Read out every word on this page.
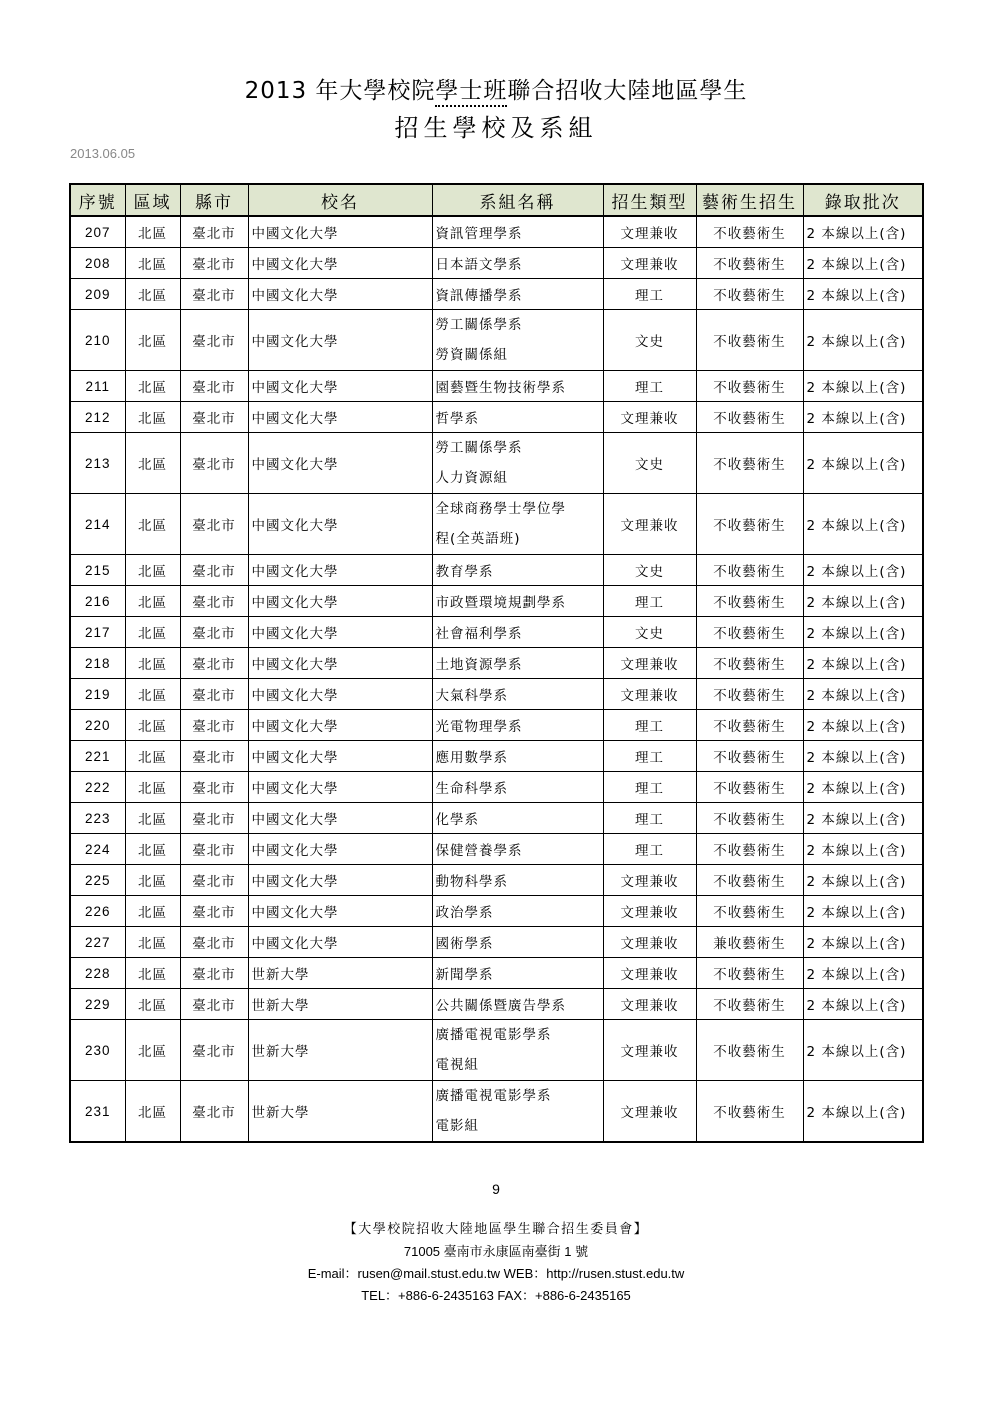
2013 年大學校院學士班聯合招收大陸地區學生
招生學校及系組
2013.06.05
序號	區域	縣市	校名	系組名稱	招生類型	藝術生招生	錄取批次
207	北區	臺北市	中國文化大學	資訊管理學系	文理兼收	不收藝術生	2 本線以上(含)
208	北區	臺北市	中國文化大學	日本語文學系	文理兼收	不收藝術生	2 本線以上(含)
209	北區	臺北市	中國文化大學	資訊傳播學系	理工	不收藝術生	2 本線以上(含)
210	北區	臺北市	中國文化大學	勞工關係學系
勞資關係組	文史	不收藝術生	2 本線以上(含)
211	北區	臺北市	中國文化大學	園藝暨生物技術學系	理工	不收藝術生	2 本線以上(含)
212	北區	臺北市	中國文化大學	哲學系	文理兼收	不收藝術生	2 本線以上(含)
213	北區	臺北市	中國文化大學	勞工關係學系
人力資源組	文史	不收藝術生	2 本線以上(含)
214	北區	臺北市	中國文化大學	全球商務學士學位學
程(全英語班)	文理兼收	不收藝術生	2 本線以上(含)
215	北區	臺北市	中國文化大學	教育學系	文史	不收藝術生	2 本線以上(含)
216	北區	臺北市	中國文化大學	市政暨環境規劃學系	理工	不收藝術生	2 本線以上(含)
217	北區	臺北市	中國文化大學	社會福利學系	文史	不收藝術生	2 本線以上(含)
218	北區	臺北市	中國文化大學	土地資源學系	文理兼收	不收藝術生	2 本線以上(含)
219	北區	臺北市	中國文化大學	大氣科學系	文理兼收	不收藝術生	2 本線以上(含)
220	北區	臺北市	中國文化大學	光電物理學系	理工	不收藝術生	2 本線以上(含)
221	北區	臺北市	中國文化大學	應用數學系	理工	不收藝術生	2 本線以上(含)
222	北區	臺北市	中國文化大學	生命科學系	理工	不收藝術生	2 本線以上(含)
223	北區	臺北市	中國文化大學	化學系	理工	不收藝術生	2 本線以上(含)
224	北區	臺北市	中國文化大學	保健營養學系	理工	不收藝術生	2 本線以上(含)
225	北區	臺北市	中國文化大學	動物科學系	文理兼收	不收藝術生	2 本線以上(含)
226	北區	臺北市	中國文化大學	政治學系	文理兼收	不收藝術生	2 本線以上(含)
227	北區	臺北市	中國文化大學	國術學系	文理兼收	兼收藝術生	2 本線以上(含)
228	北區	臺北市	世新大學	新聞學系	文理兼收	不收藝術生	2 本線以上(含)
229	北區	臺北市	世新大學	公共關係暨廣告學系	文理兼收	不收藝術生	2 本線以上(含)
230	北區	臺北市	世新大學	廣播電視電影學系
電視組	文理兼收	不收藝術生	2 本線以上(含)
231	北區	臺北市	世新大學	廣播電視電影學系
電影組	文理兼收	不收藝術生	2 本線以上(含)
9
【大學校院招收大陸地區學生聯合招生委員會】
71005 臺南市永康區南臺街 1 號
E-mail：rusen@mail.stust.edu.tw WEB：http://rusen.stust.edu.tw
TEL：+886-6-2435163 FAX：+886-6-2435165
